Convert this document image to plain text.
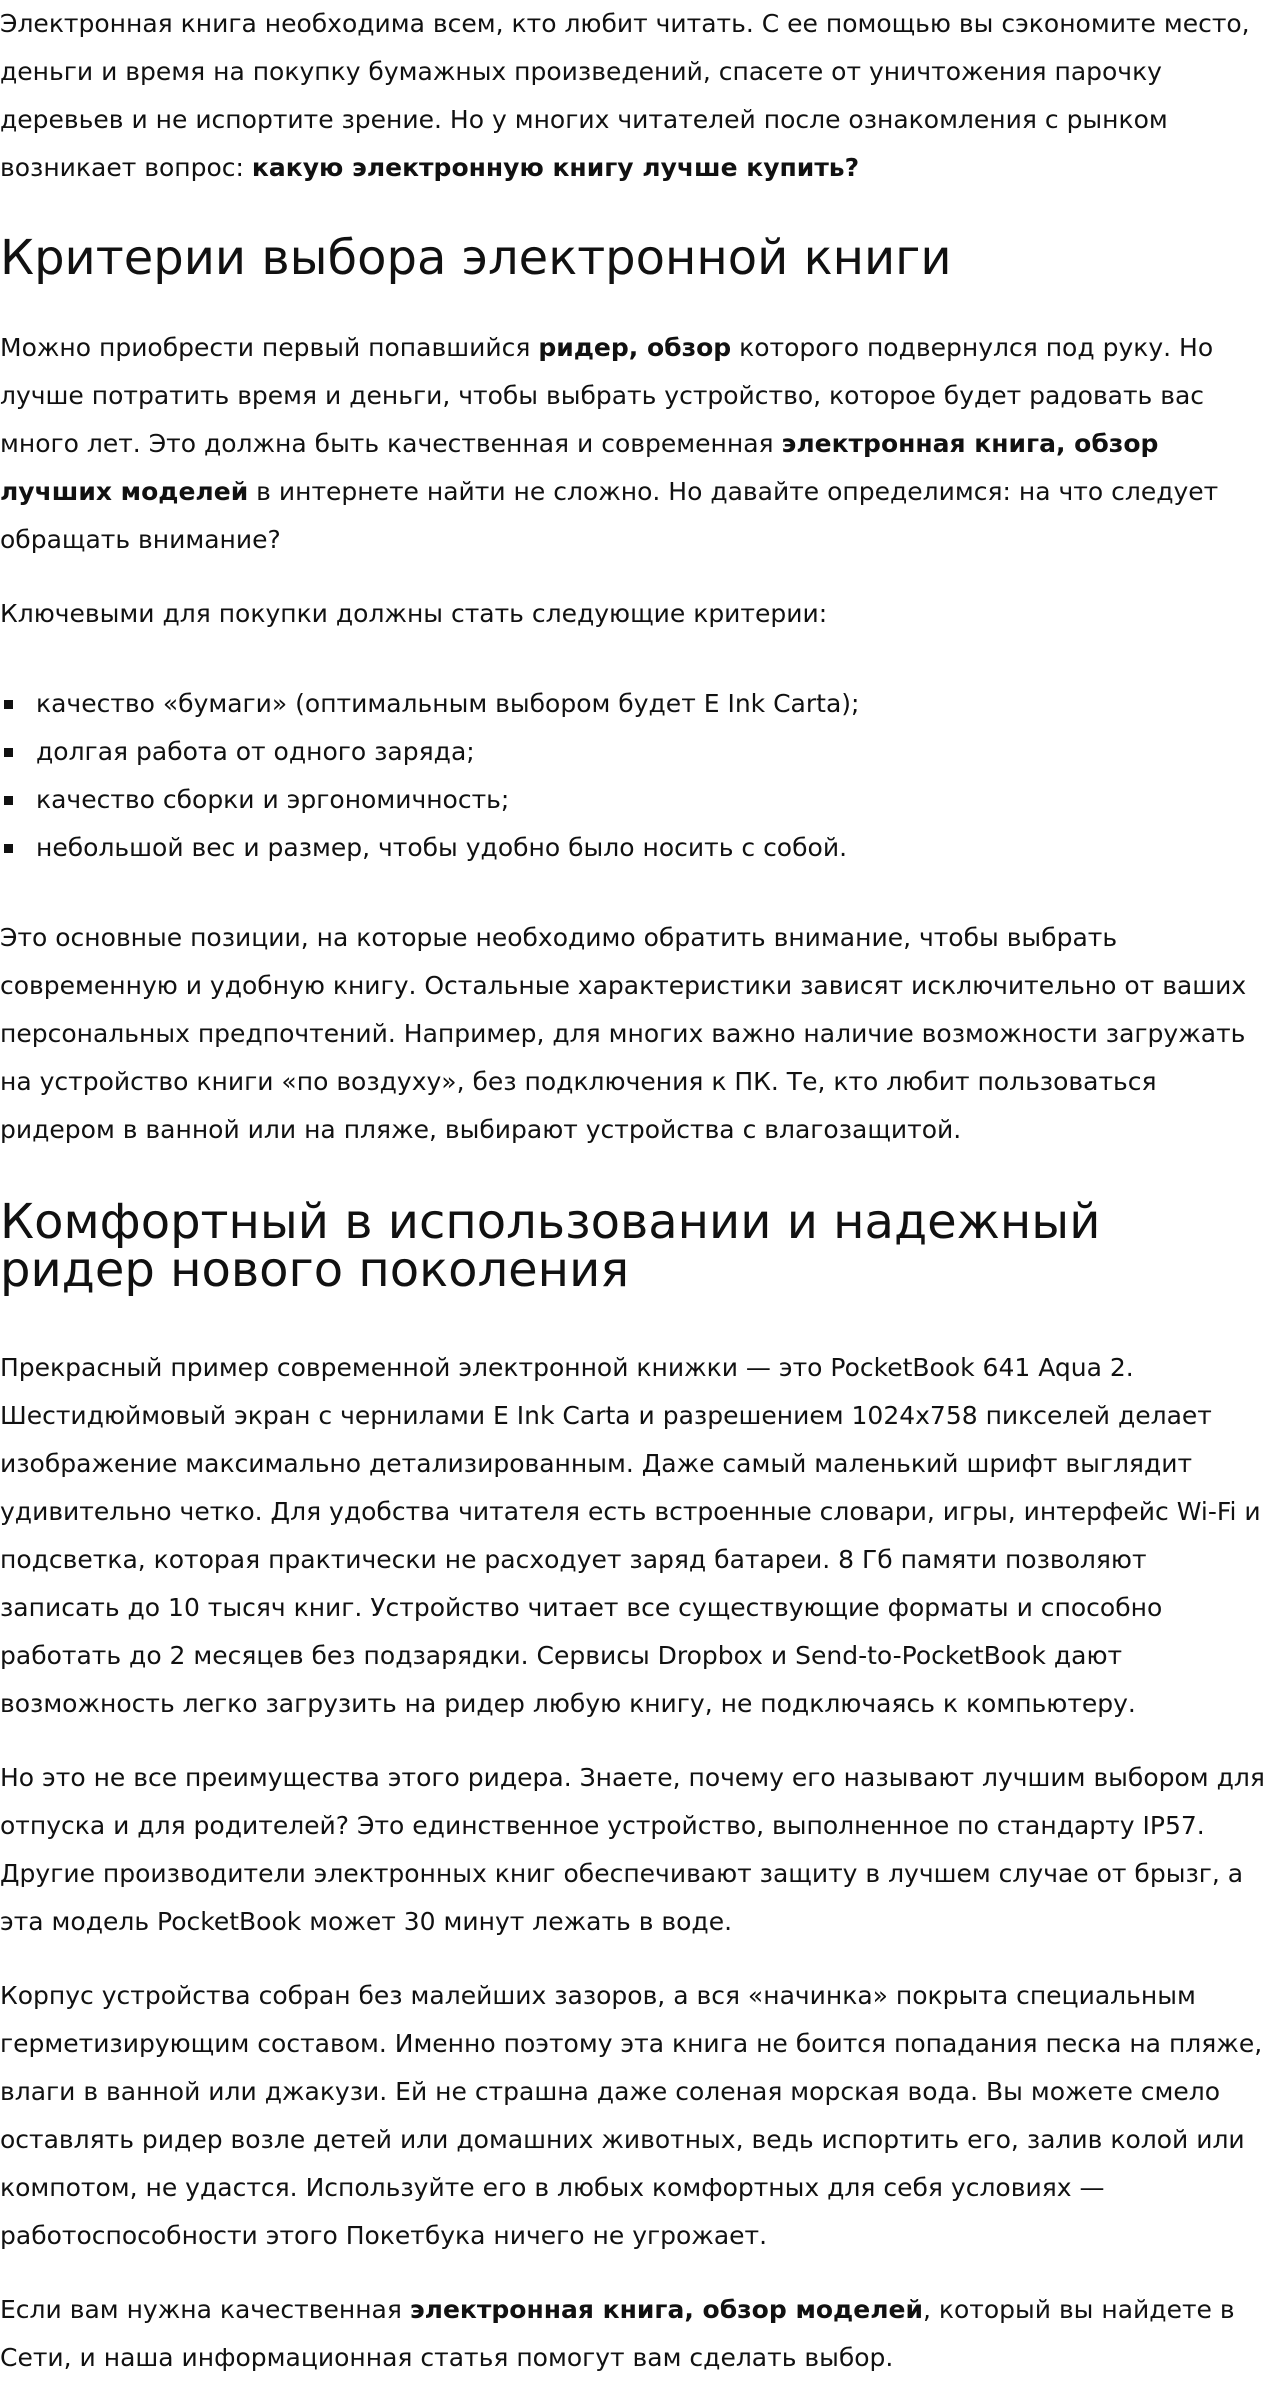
Электронная книга необходима всем, кто любит читать. С ее помощью вы сэкономите место, деньги и время на покупку бумажных произведений, спасете от уничтожения парочку деревьев и не испортите зрение. Но у многих читателей после ознакомления с рынком возникает вопрос: какую электронную книгу лучше купить?

Критерии выбора электронной книги

Можно приобрести первый попавшийся ридер, обзор которого подвернулся под руку. Но лучше потратить время и деньги, чтобы выбрать устройство, которое будет радовать вас много лет. Это должна быть качественная и современная электронная книга, обзор лучших моделей в интернете найти не сложно. Но давайте определимся: на что следует обращать внимание?

Ключевыми для покупки должны стать следующие критерии:

качество «бумаги» (оптимальным выбором будет E Ink Carta);
долгая работа от одного заряда;
качество сборки и эргономичность;
небольшой вес и размер, чтобы удобно было носить с собой.

Это основные позиции, на которые необходимо обратить внимание, чтобы выбрать современную и удобную книгу. Остальные характеристики зависят исключительно от ваших персональных предпочтений. Например, для многих важно наличие возможности загружать на устройство книги «по воздуху», без подключения к ПК. Те, кто любит пользоваться ридером в ванной или на пляже, выбирают устройства с влагозащитой.

Комфортный в использовании и надежный ридер нового поколения

Прекрасный пример современной электронной книжки — это PocketBook 641 Aqua 2. Шестидюймовый экран с чернилами E Ink Carta и разрешением 1024x758 пикселей делает изображение максимально детализированным. Даже самый маленький шрифт выглядит удивительно четко. Для удобства читателя есть встроенные словари, игры, интерфейс Wi-Fi и подсветка, которая практически не расходует заряд батареи. 8 Гб памяти позволяют записать до 10 тысяч книг. Устройство читает все существующие форматы и способно работать до 2 месяцев без подзарядки. Сервисы Dropbox и Send-to-PocketBook дают возможность легко загрузить на ридер любую книгу, не подключаясь к компьютеру.

Но это не все преимущества этого ридера. Знаете, почему его называют лучшим выбором для отпуска и для родителей? Это единственное устройство, выполненное по стандарту IP57. Другие производители электронных книг обеспечивают защиту в лучшем случае от брызг, а эта модель PocketBook может 30 минут лежать в воде.

Корпус устройства собран без малейших зазоров, а вся «начинка» покрыта специальным герметизирующим составом. Именно поэтому эта книга не боится попадания песка на пляже, влаги в ванной или джакузи. Ей не страшна даже соленая морская вода. Вы можете смело оставлять ридер возле детей или домашних животных, ведь испортить его, залив колой или компотом, не удастся. Используйте его в любых комфортных для себя условиях — работоспособности этого Покетбука ничего не угрожает.

Если вам нужна качественная электронная книга, обзор моделей, который вы найдете в Сети, и наша информационная статья помогут вам сделать выбор.
